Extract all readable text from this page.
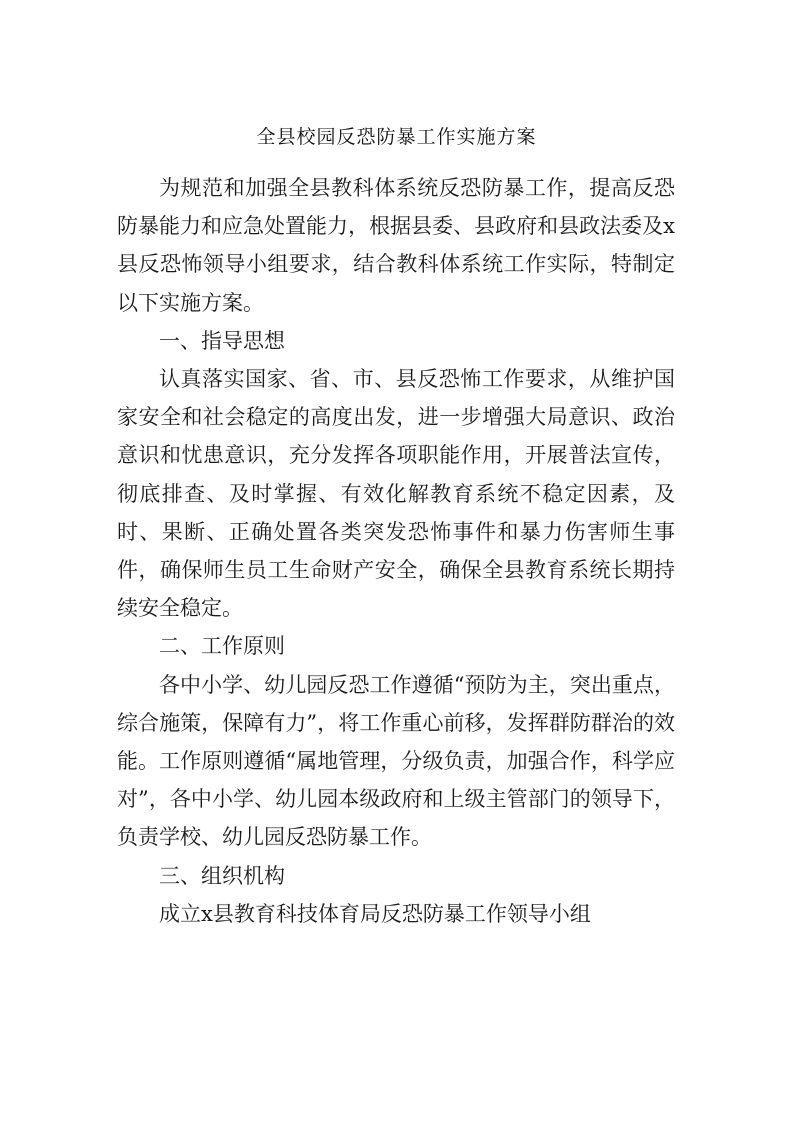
全县校园反恐防暴工作实施方案

为规范和加强全县教科体系统反恐防暴工作，提高反恐防暴能力和应急处置能力，根据县委、县政府和县政法委及x县反恐怖领导小组要求，结合教科体系统工作实际，特制定以下实施方案。

一、指导思想

认真落实国家、省、市、县反恐怖工作要求，从维护国家安全和社会稳定的高度出发，进一步增强大局意识、政治意识和忧患意识，充分发挥各项职能作用，开展普法宣传，彻底排查、及时掌握、有效化解教育系统不稳定因素，及时、果断、正确处置各类突发恐怖事件和暴力伤害师生事件，确保师生员工生命财产安全，确保全县教育系统长期持续安全稳定。

二、工作原则

各中小学、幼儿园反恐工作遵循“预防为主，突出重点，综合施策，保障有力”，将工作重心前移，发挥群防群治的效能。工作原则遵循“属地管理，分级负责，加强合作，科学应对”，各中小学、幼儿园本级政府和上级主管部门的领导下，负责学校、幼儿园反恐防暴工作。

三、组织机构

成立x县教育科技体育局反恐防暴工作领导小组
